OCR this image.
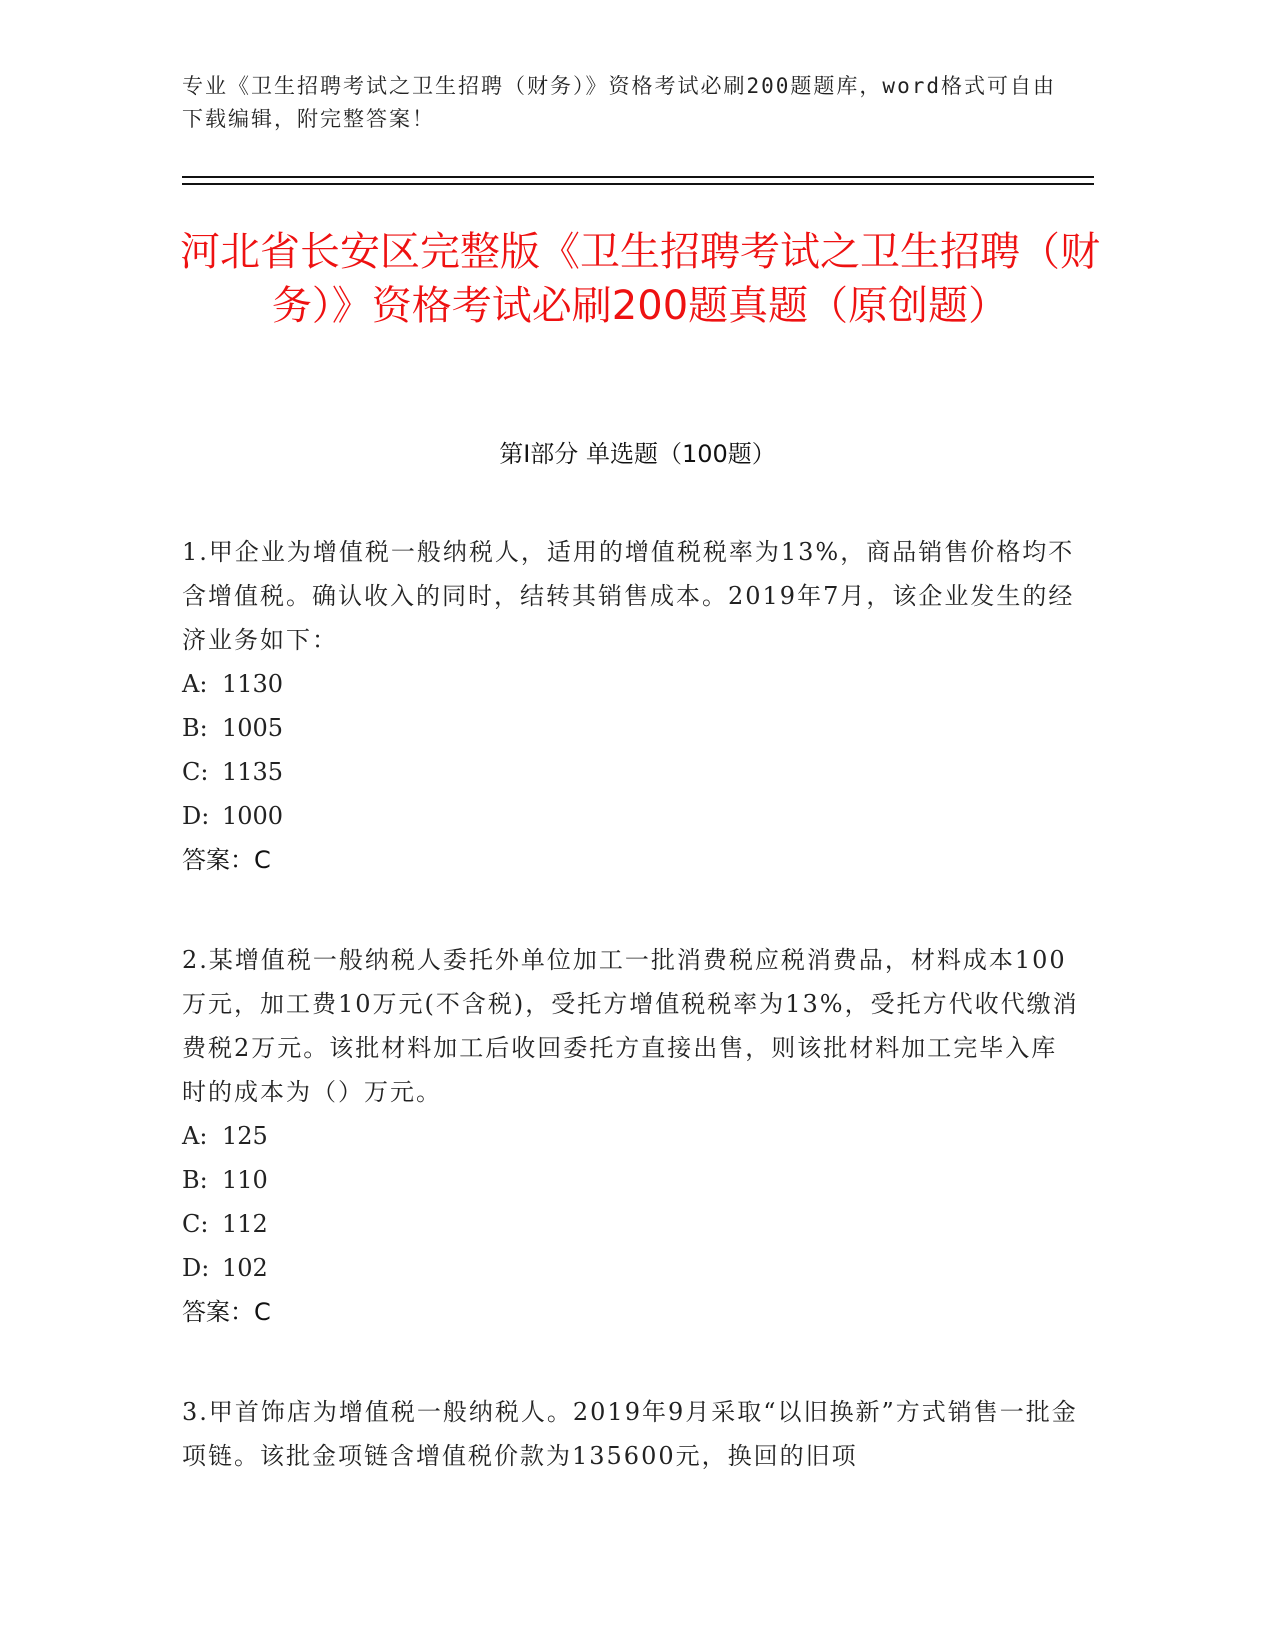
专业《卫生招聘考试之卫生招聘（财务）》资格考试必刷200题题库，word格式可自由下载编辑，附完整答案！
河北省长安区完整版《卫生招聘考试之卫生招聘（财务）》资格考试必刷200题真题（原创题）
第Ⅰ部分 单选题（100题）
1.甲企业为增值税一般纳税人，适用的增值税税率为13%，商品销售价格均不含增值税。确认收入的同时，结转其销售成本。2019年7月，该企业发生的经济业务如下：
A: 1130
B: 1005
C: 1135
D: 1000
答案：C
2.某增值税一般纳税人委托外单位加工一批消费税应税消费品，材料成本100万元，加工费10万元(不含税)，受托方增值税税率为13%，受托方代收代缴消费税2万元。该批材料加工后收回委托方直接出售，则该批材料加工完毕入库时的成本为（）万元。
A: 125
B: 110
C: 112
D: 102
答案：C
3.甲首饰店为增值税一般纳税人。2019年9月采取“以旧换新”方式销售一批金项链。该批金项链含增值税价款为135600元，换回的旧项
